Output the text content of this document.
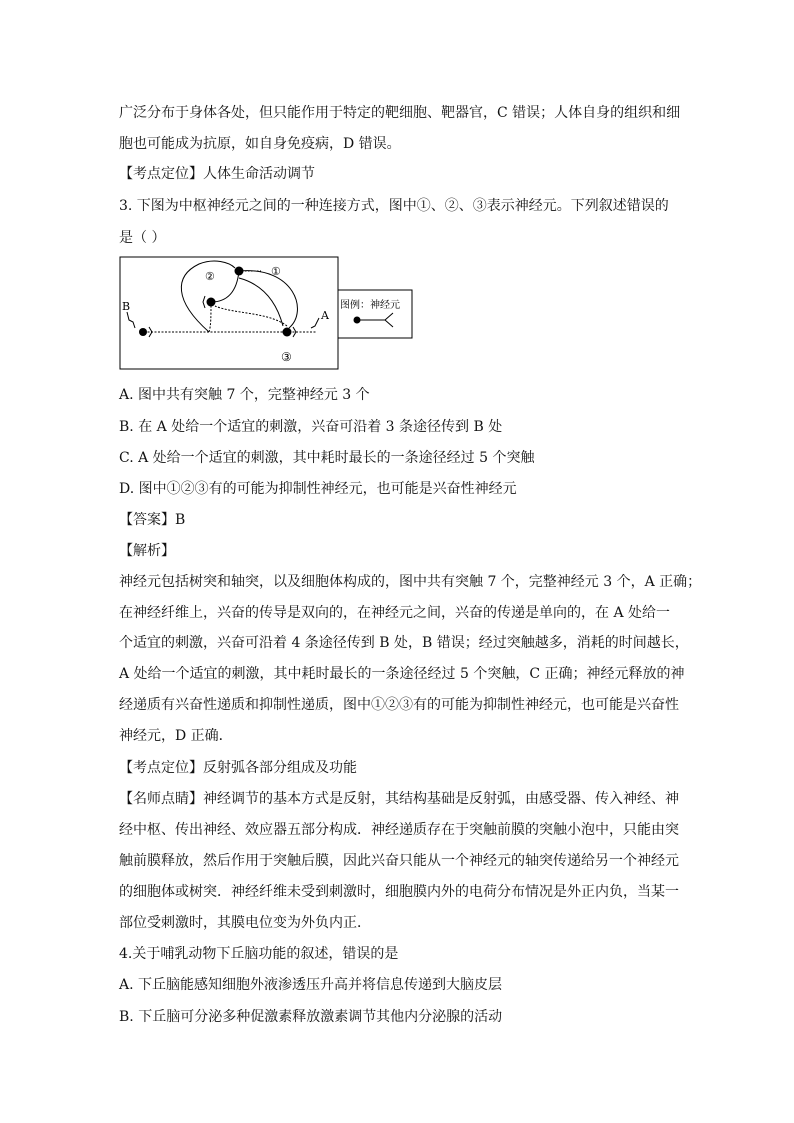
广泛分布于身体各处，但只能作用于特定的靶细胞、靶器官，C 错误；人体自身的组织和细
胞也可能成为抗原，如自身免疫病，D 错误。
【考点定位】人体生命活动调节
3. 下图为中枢神经元之间的一种连接方式，图中①、②、③表示神经元。下列叙述错误的
是（ ）
图例：神经元
B
③
A
②	①
A. 图中共有突触 7 个，完整神经元 3 个
B. 在 A 处给一个适宜的刺激，兴奋可沿着 3 条途径传到 B 处
C. A 处给一个适宜的刺激，其中耗时最长的一条途径经过 5 个突触
D. 图中①②③有的可能为抑制性神经元，也可能是兴奋性神经元
【答案】B
【解析】
神经元包括树突和轴突，以及细胞体构成的，图中共有突触 7 个，完整神经元 3 个，A 正确；
在神经纤维上，兴奋的传导是双向的，在神经元之间，兴奋的传递是单向的，在 A 处给一
个适宜的刺激，兴奋可沿着 4 条途径传到 B 处，B 错误；经过突触越多，消耗的时间越长，
A 处给一个适宜的刺激，其中耗时最长的一条途径经过 5 个突触，C 正确；神经元释放的神
经递质有兴奋性递质和抑制性递质，图中①②③有的可能为抑制性神经元，也可能是兴奋性
神经元，D 正确．
【考点定位】反射弧各部分组成及功能
【名师点睛】神经调节的基本方式是反射，其结构基础是反射弧，由感受器、传入神经、神
经中枢、传出神经、效应器五部分构成．神经递质存在于突触前膜的突触小泡中，只能由突
触前膜释放，然后作用于突触后膜，因此兴奋只能从一个神经元的轴突传递给另一个神经元
的细胞体或树突．神经纤维未受到刺激时，细胞膜内外的电荷分布情况是外正内负，当某一
部位受刺激时，其膜电位变为外负内正．
4.关于哺乳动物下丘脑功能的叙述，错误的是
A. 下丘脑能感知细胞外液渗透压升高并将信息传递到大脑皮层
B. 下丘脑可分泌多种促激素释放激素调节其他内分泌腺的活动
